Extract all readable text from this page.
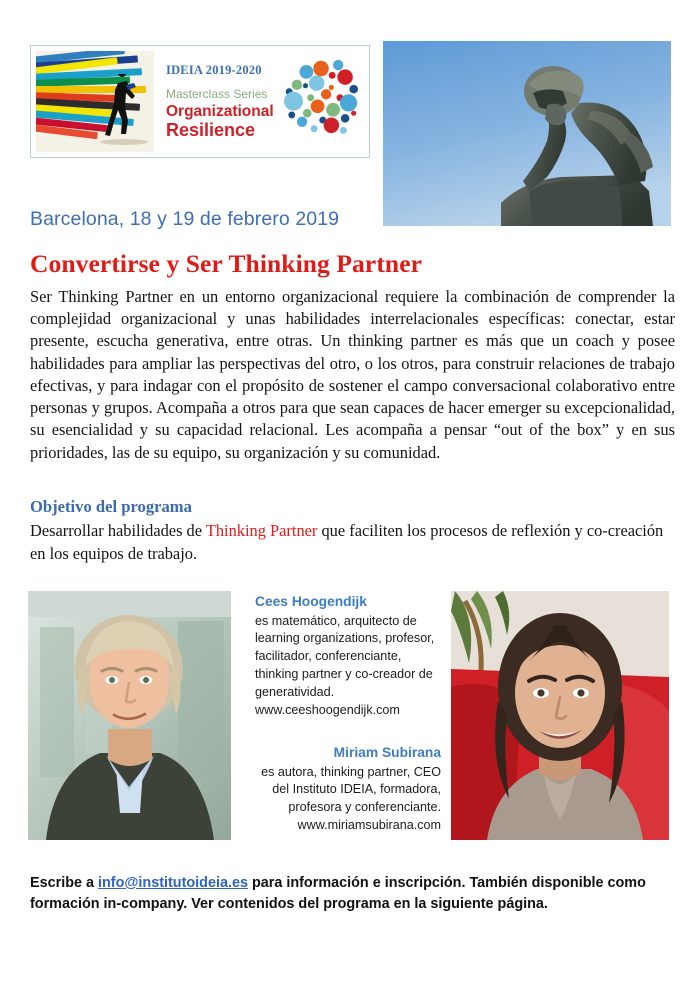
IDEIA 2019-2020
Masterclass Series
Organizational
Resilience
Barcelona, 18 y 19 de febrero 2019
Convertirse y Ser Thinking Partner
Ser Thinking Partner en un entorno organizacional requiere la combinación de comprender la complejidad organizacional y unas habilidades interrelacionales específicas: conectar, estar presente, escucha generativa, entre otras. Un thinking partner es más que un coach y posee habilidades para ampliar las perspectivas del otro, o los otros, para construir relaciones de trabajo efectivas, y para indagar con el propósito de sostener el campo conversacional colaborativo entre personas y grupos. Acompaña a otros para que sean capaces de hacer emerger su excepcionalidad, su esencialidad y su capacidad relacional. Les acompaña a pensar “out of the box” y en sus prioridades, las de su equipo, su organización y su comunidad.
Objetivo del programa
Desarrollar habilidades de Thinking Partner que faciliten los procesos de reflexión y co-creación en los equipos de trabajo.
Cees Hoogendijk
es matemático, arquitecto de learning organizations, profesor, facilitador, conferenciante, thinking partner y co-creador de generatividad.
www.ceeshoogendijk.com
Miriam Subirana
es autora, thinking partner, CEO del Instituto IDEIA, formadora, profesora y conferenciante.
www.miriamsubirana.com
Escribe a info@institutoideia.es para información e inscripción. También disponible como formación in-company. Ver contenidos del programa en la siguiente página.
